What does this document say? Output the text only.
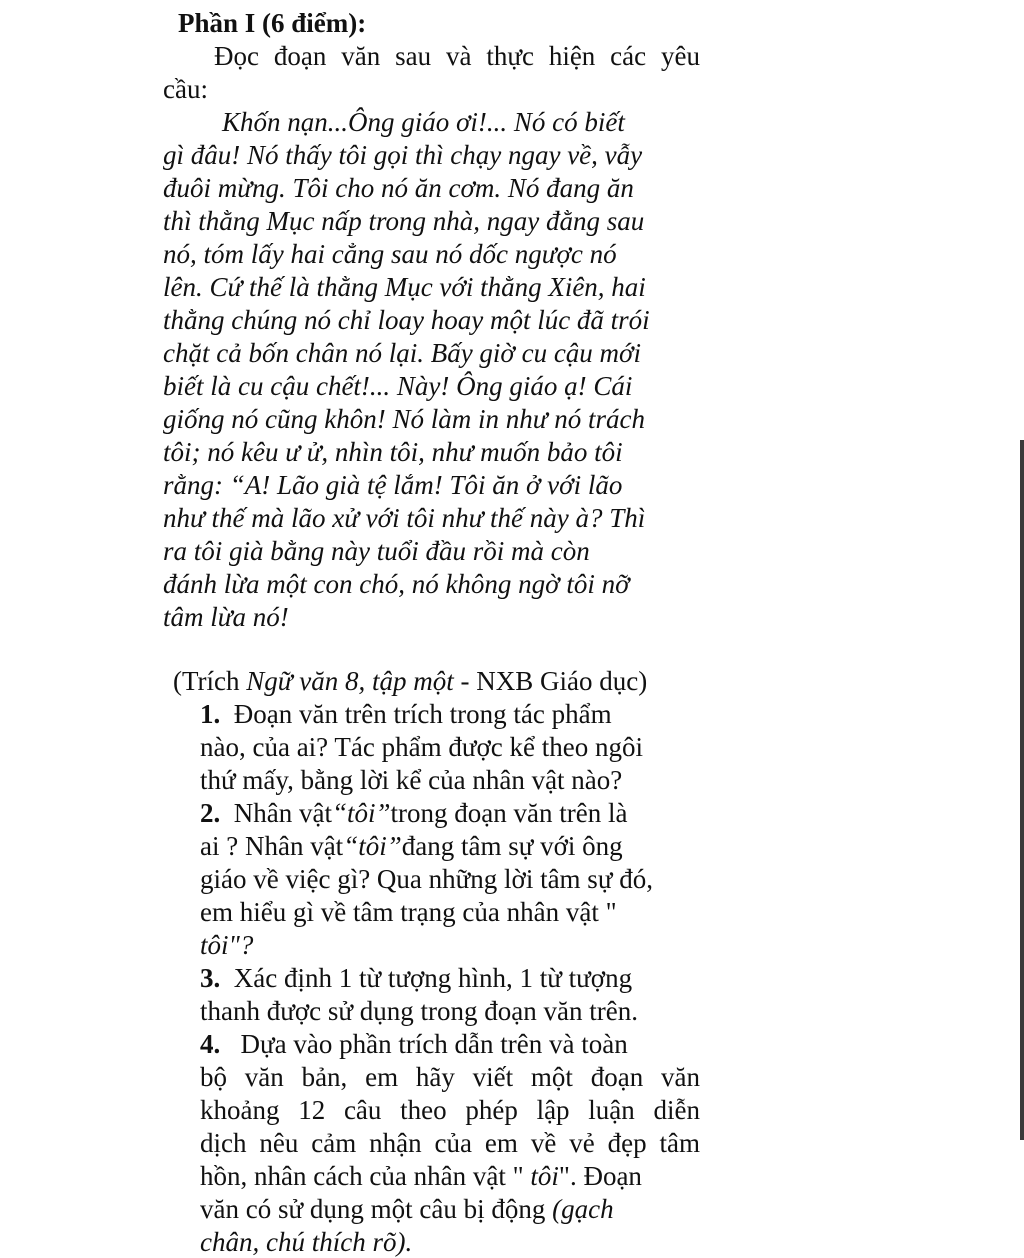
Phần I (6 điểm):
Đọc đoạn văn sau và thực hiện các yêu
cầu:
Khốn nạn...Ông giáo ơi!... Nó có biết
gì đâu! Nó thấy tôi gọi thì chạy ngay về, vẫy
đuôi mừng. Tôi cho nó ăn cơm. Nó đang ăn
thì thằng Mục nấp trong nhà, ngay đằng sau
nó, tóm lấy hai cẳng sau nó dốc ngược nó
lên. Cứ thế là thằng Mục với thằng Xiên, hai
thằng chúng nó chỉ loay hoay một lúc đã trói
chặt cả bốn chân nó lại. Bấy giờ cu cậu mới
biết là cu cậu chết!... Này! Ông giáo ạ! Cái
giống nó cũng khôn! Nó làm in như nó trách
tôi; nó kêu ư ử, nhìn tôi, như muốn bảo tôi
rằng: “A! Lão già tệ lắm! Tôi ăn ở với lão
như thế mà lão xử với tôi như thế này à? Thì
ra tôi già bằng này tuổi đầu rồi mà còn
đánh lừa một con chó, nó không ngờ tôi nỡ
tâm lừa nó!
(Trích Ngữ văn 8, tập một - NXB Giáo dục)
1. Đoạn văn trên trích trong tác phẩm
nào, của ai? Tác phẩm được kể theo ngôi
thứ mấy, bằng lời kể của nhân vật nào?
2. Nhân vật“tôi”trong đoạn văn trên là
ai ? Nhân vật“tôi”đang tâm sự với ông
giáo về việc gì? Qua những lời tâm sự đó,
em hiểu gì về tâm trạng của nhân vật "
tôi"?
3. Xác định 1 từ tượng hình, 1 từ tượng
thanh được sử dụng trong đoạn văn trên.
4. Dựa vào phần trích dẫn trên và toàn
bộ văn bản, em hãy viết một đoạn văn
khoảng 12 câu theo phép lập luận diễn
dịch nêu cảm nhận của em về vẻ đẹp tâm
hồn, nhân cách của nhân vật " tôi". Đoạn
văn có sử dụng một câu bị động (gạch
chân, chú thích rõ).
